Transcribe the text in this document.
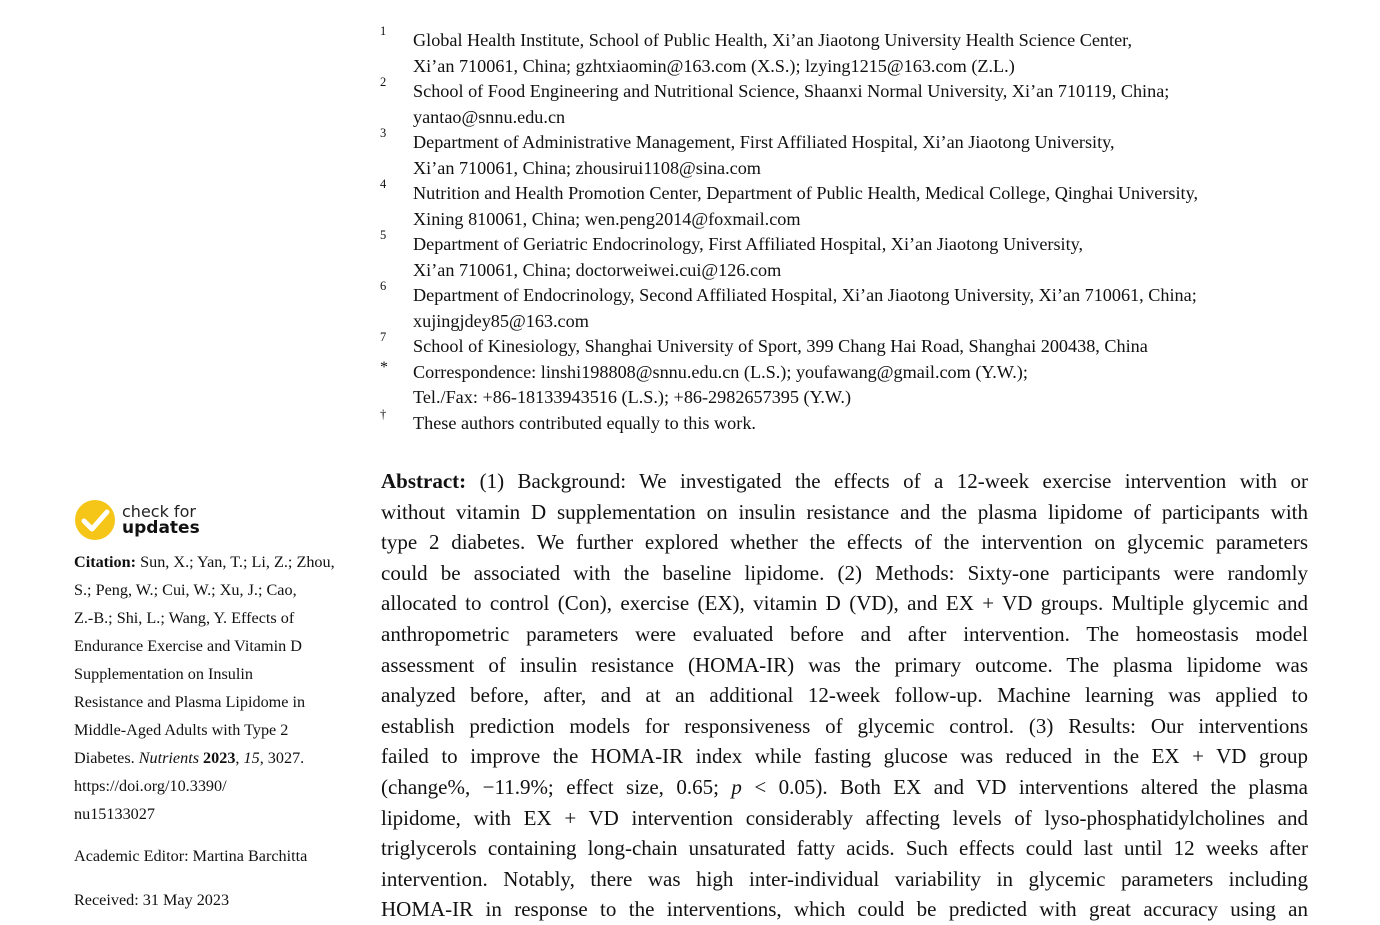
1 Global Health Institute, School of Public Health, Xi’an Jiaotong University Health Science Center,
Xi’an 710061, China; gzhtxiaomin@163.com (X.S.); lzying1215@163.com (Z.L.)
2 School of Food Engineering and Nutritional Science, Shaanxi Normal University, Xi’an 710119, China;
yantao@snnu.edu.cn
3 Department of Administrative Management, First Affiliated Hospital, Xi’an Jiaotong University,
Xi’an 710061, China; zhousirui1108@sina.com
4 Nutrition and Health Promotion Center, Department of Public Health, Medical College, Qinghai University,
Xining 810061, China; wen.peng2014@foxmail.com
5 Department of Geriatric Endocrinology, First Affiliated Hospital, Xi’an Jiaotong University,
Xi’an 710061, China; doctorweiwei.cui@126.com
6 Department of Endocrinology, Second Affiliated Hospital, Xi’an Jiaotong University, Xi’an 710061, China;
xujingjdey85@163.com
7 School of Kinesiology, Shanghai University of Sport, 399 Chang Hai Road, Shanghai 200438, China
* Correspondence: linshi198808@snnu.edu.cn (L.S.); youfawang@gmail.com (Y.W.);
Tel./Fax: +86-18133943516 (L.S.); +86-2982657395 (Y.W.)
† These authors contributed equally to this work.
check for
updates
Citation: Sun, X.; Yan, T.; Li, Z.; Zhou,
S.; Peng, W.; Cui, W.; Xu, J.; Cao,
Z.-B.; Shi, L.; Wang, Y. Effects of
Endurance Exercise and Vitamin D
Supplementation on Insulin
Resistance and Plasma Lipidome in
Middle-Aged Adults with Type 2
Diabetes. Nutrients 2023, 15, 3027.
https://doi.org/10.3390/
nu15133027
Academic Editor: Martina Barchitta
Received: 31 May 2023
Abstract: (1) Background: We investigated the effects of a 12-week exercise intervention with or
without vitamin D supplementation on insulin resistance and the plasma lipidome of participants with
type 2 diabetes. We further explored whether the effects of the intervention on glycemic parameters
could be associated with the baseline lipidome. (2) Methods: Sixty-one participants were randomly
allocated to control (Con), exercise (EX), vitamin D (VD), and EX + VD groups. Multiple glycemic and
anthropometric parameters were evaluated before and after intervention. The homeostasis model
assessment of insulin resistance (HOMA-IR) was the primary outcome. The plasma lipidome was
analyzed before, after, and at an additional 12-week follow-up. Machine learning was applied to
establish prediction models for responsiveness of glycemic control. (3) Results: Our interventions
failed to improve the HOMA-IR index while fasting glucose was reduced in the EX + VD group
(change%, −11.9%; effect size, 0.65; p < 0.05). Both EX and VD interventions altered the plasma
lipidome, with EX + VD intervention considerably affecting levels of lyso-phosphatidylcholines and
triglycerols containing long-chain unsaturated fatty acids. Such effects could last until 12 weeks after
intervention. Notably, there was high inter-individual variability in glycemic parameters including
HOMA-IR in response to the interventions, which could be predicted with great accuracy using an
